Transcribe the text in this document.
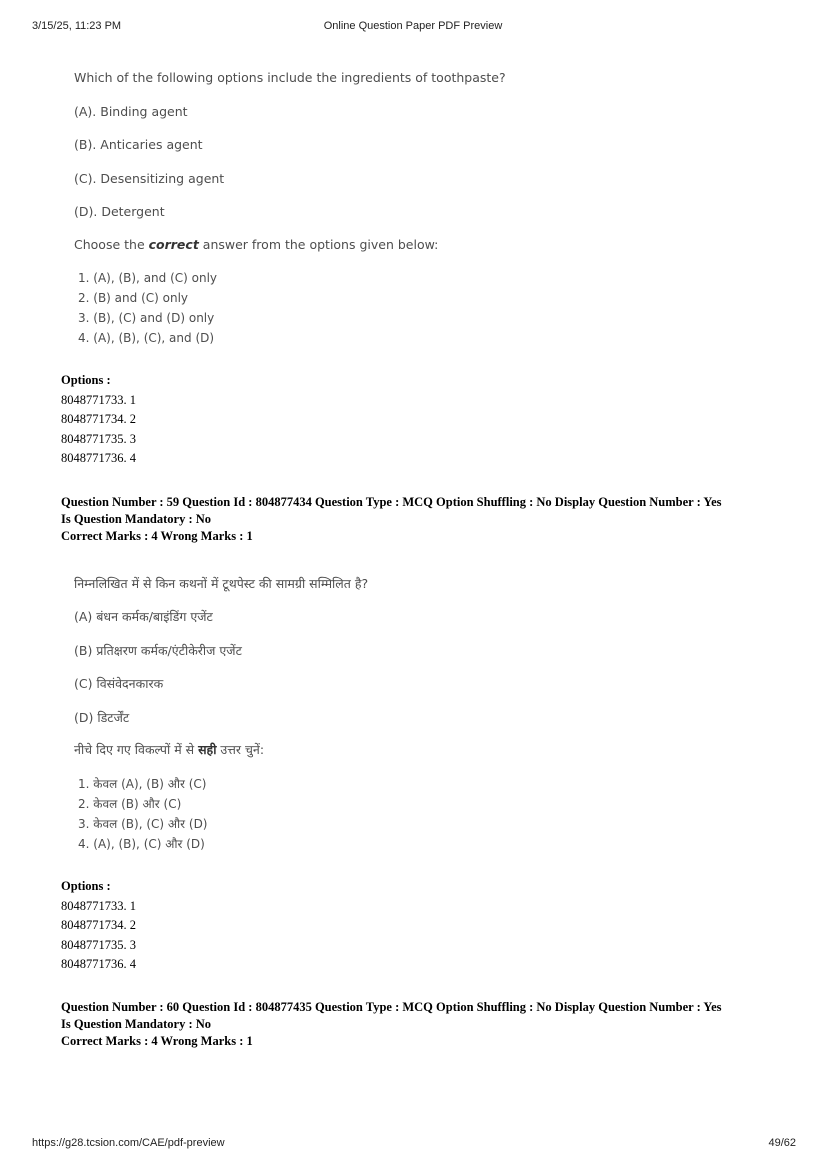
3/15/25, 11:23 PM	Online Question Paper PDF Preview
Which of the following options include the ingredients of toothpaste?
(A). Binding agent
(B). Anticaries agent
(C). Desensitizing agent
(D). Detergent
Choose the correct answer from the options given below:
1. (A), (B), and (C) only
2. (B) and (C) only
3. (B), (C) and (D) only
4. (A), (B), (C), and (D)
Options :
8048771733. 1
8048771734. 2
8048771735. 3
8048771736. 4
Question Number : 59 Question Id : 804877434 Question Type : MCQ Option Shuffling : No Display Question Number : Yes
Is Question Mandatory : No
Correct Marks : 4 Wrong Marks : 1
निम्नलिखित में से किन कथनों में टूथपेस्ट की सामग्री सम्मिलित है?
(A) बंधन कर्मक/बाइंडिंग एजेंट
(B) प्रतिक्षरण कर्मक/एंटीकेरीज एजेंट
(C) विसंवेदनकारक
(D) डिटर्जेंट
नीचे दिए गए विकल्पों में से सही उत्तर चुनें:
1. केवल (A), (B) और (C)
2. केवल (B) और (C)
3. केवल (B), (C) और (D)
4. (A), (B), (C) और (D)
Options :
8048771733. 1
8048771734. 2
8048771735. 3
8048771736. 4
Question Number : 60 Question Id : 804877435 Question Type : MCQ Option Shuffling : No Display Question Number : Yes
Is Question Mandatory : No
Correct Marks : 4 Wrong Marks : 1
https://g28.tcsion.com/CAE/pdf-preview	49/62
